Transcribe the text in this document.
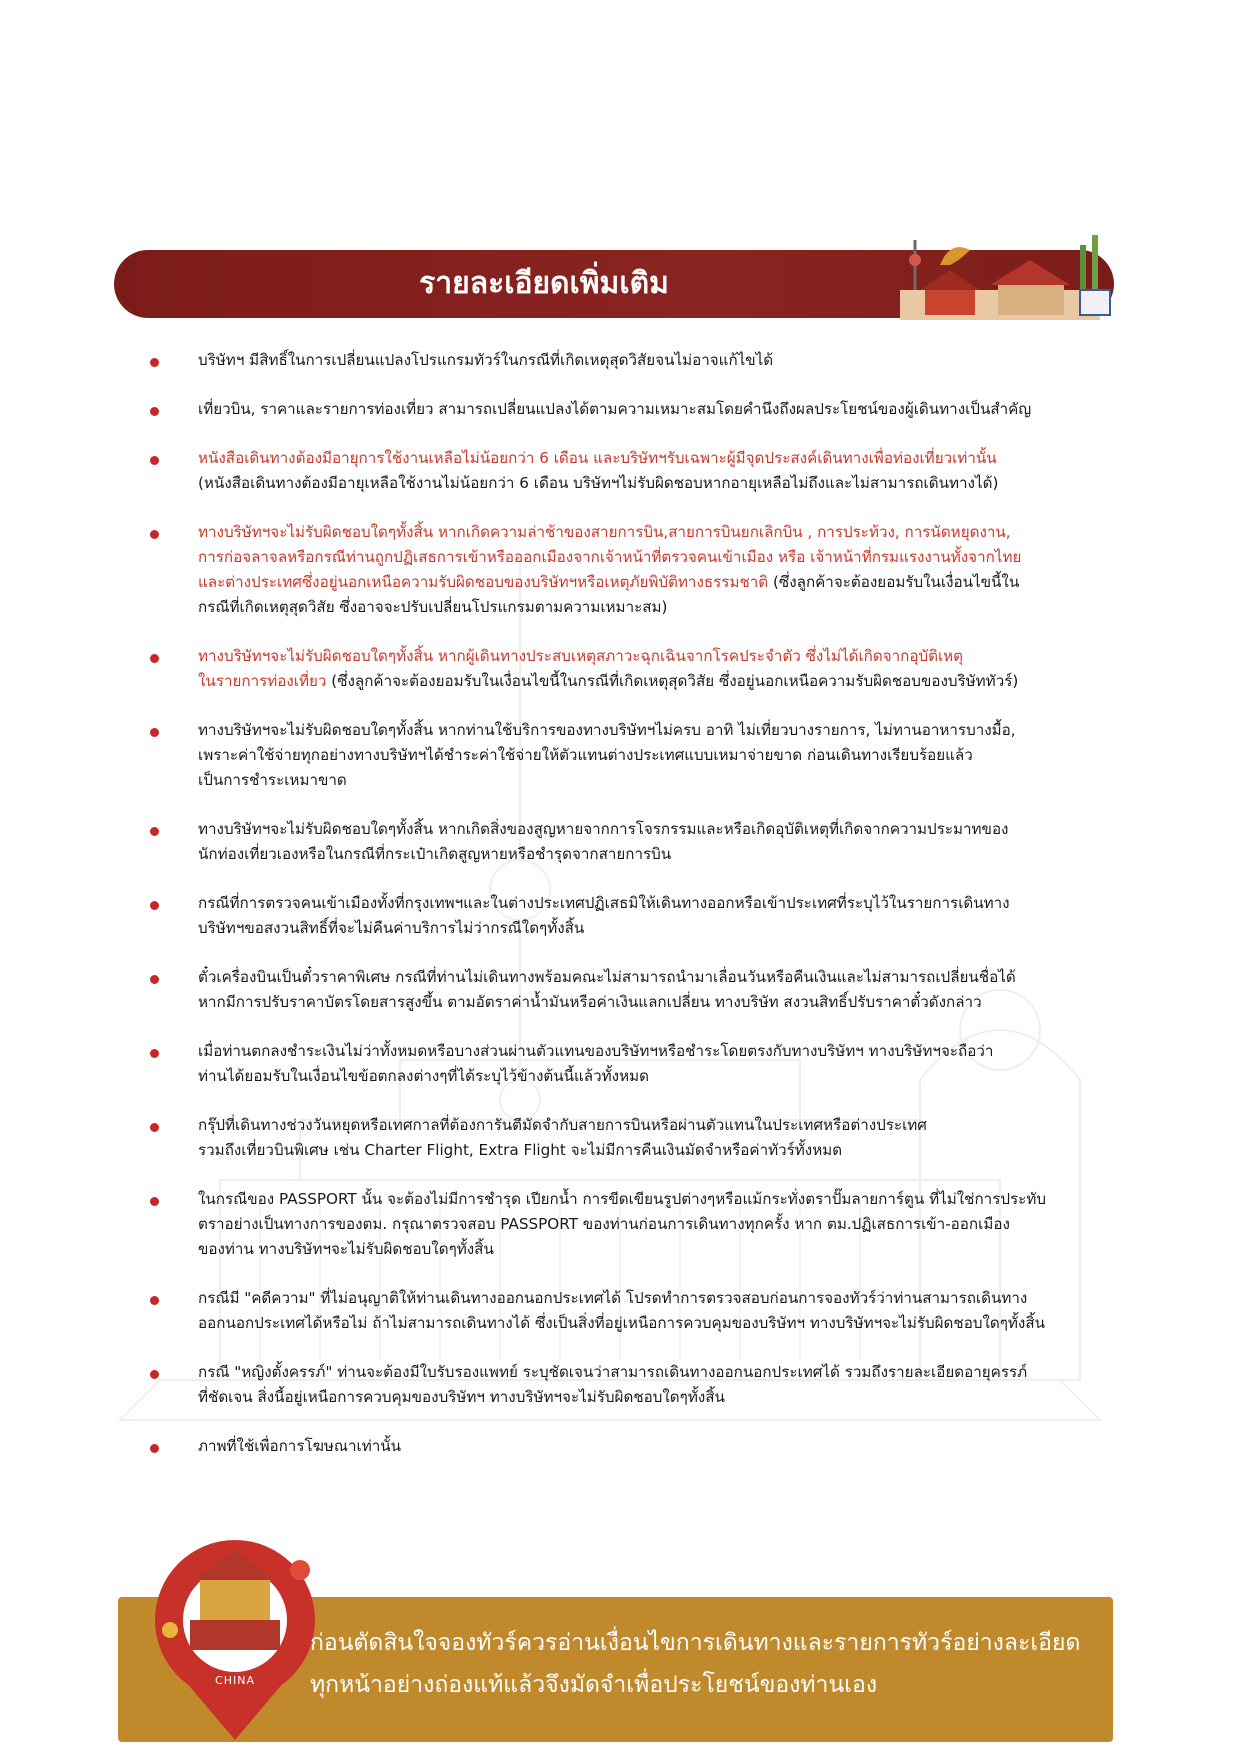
รายละเอียดเพิ่มเติม
บริษัทฯ มีสิทธิ์ในการเปลี่ยนแปลงโปรแกรมทัวร์ในกรณีที่เกิดเหตุสุดวิสัยจนไม่อาจแก้ไขได้
เที่ยวบิน, ราคาและรายการท่องเที่ยว สามารถเปลี่ยนแปลงได้ตามความเหมาะสมโดยคำนึงถึงผลประโยชน์ของผู้เดินทางเป็นสำคัญ
หนังสือเดินทางต้องมีอายุการใช้งานเหลือไม่น้อยกว่า 6 เดือน และบริษัทฯรับเฉพาะผู้มีจุดประสงค์เดินทางเพื่อท่องเที่ยวเท่านั้น
(หนังสือเดินทางต้องมีอายุเหลือใช้งานไม่น้อยกว่า 6 เดือน บริษัทฯไม่รับผิดชอบหากอายุเหลือไม่ถึงและไม่สามารถเดินทางได้)
ทางบริษัทฯจะไม่รับผิดชอบใดๆทั้งสิ้น หากเกิดความล่าช้าของสายการบิน,สายการบินยกเลิกบิน , การประท้วง, การนัดหยุดงาน,
การก่อจลาจลหรือกรณีท่านถูกปฏิเสธการเข้าหรือออกเมืองจากเจ้าหน้าที่ตรวจคนเข้าเมือง หรือ เจ้าหน้าที่กรมแรงงานทั้งจากไทย
และต่างประเทศซึ่งอยู่นอกเหนือความรับผิดชอบของบริษัทฯหรือเหตุภัยพิบัติทางธรรมชาติ (ซึ่งลูกค้าจะต้องยอมรับในเงื่อนไขนี้ใน
กรณีที่เกิดเหตุสุดวิสัย ซึ่งอาจจะปรับเปลี่ยนโปรแกรมตามความเหมาะสม)
ทางบริษัทฯจะไม่รับผิดชอบใดๆทั้งสิ้น หากผู้เดินทางประสบเหตุสภาวะฉุกเฉินจากโรคประจำตัว ซึ่งไม่ได้เกิดจากอุบัติเหตุ
ในรายการท่องเที่ยว (ซึ่งลูกค้าจะต้องยอมรับในเงื่อนไขนี้ในกรณีที่เกิดเหตุสุดวิสัย ซึ่งอยู่นอกเหนือความรับผิดชอบของบริษัททัวร์)
ทางบริษัทฯจะไม่รับผิดชอบใดๆทั้งสิ้น หากท่านใช้บริการของทางบริษัทฯไม่ครบ อาทิ ไม่เที่ยวบางรายการ, ไม่ทานอาหารบางมื้อ,
เพราะค่าใช้จ่ายทุกอย่างทางบริษัทฯได้ชำระค่าใช้จ่ายให้ตัวแทนต่างประเทศแบบเหมาจ่ายขาด ก่อนเดินทางเรียบร้อยแล้ว
เป็นการชำระเหมาขาด
ทางบริษัทฯจะไม่รับผิดชอบใดๆทั้งสิ้น หากเกิดสิ่งของสูญหายจากการโจรกรรมและหรือเกิดอุบัติเหตุที่เกิดจากความประมาทของ
นักท่องเที่ยวเองหรือในกรณีที่กระเป๋าเกิดสูญหายหรือชำรุดจากสายการบิน
กรณีที่การตรวจคนเข้าเมืองทั้งที่กรุงเทพฯและในต่างประเทศปฏิเสธมิให้เดินทางออกหรือเข้าประเทศที่ระบุไว้ในรายการเดินทาง
บริษัทฯขอสงวนสิทธิ์ที่จะไม่คืนค่าบริการไม่ว่ากรณีใดๆทั้งสิ้น
ตั๋วเครื่องบินเป็นตั๋วราคาพิเศษ กรณีที่ท่านไม่เดินทางพร้อมคณะไม่สามารถนำมาเลื่อนวันหรือคืนเงินและไม่สามารถเปลี่ยนชื่อได้
หากมีการปรับราคาบัตรโดยสารสูงขึ้น ตามอัตราค่าน้ำมันหรือค่าเงินแลกเปลี่ยน ทางบริษัท สงวนสิทธิ์ปรับราคาตั๋วดังกล่าว
เมื่อท่านตกลงชำระเงินไม่ว่าทั้งหมดหรือบางส่วนผ่านตัวแทนของบริษัทฯหรือชำระโดยตรงกับทางบริษัทฯ ทางบริษัทฯจะถือว่า
ท่านได้ยอมรับในเงื่อนไขข้อตกลงต่างๆที่ได้ระบุไว้ข้างต้นนี้แล้วทั้งหมด
กรุ๊ปที่เดินทางช่วงวันหยุดหรือเทศกาลที่ต้องการันตีมัดจำกับสายการบินหรือผ่านตัวแทนในประเทศหรือต่างประเทศ
รวมถึงเที่ยวบินพิเศษ เช่น Charter Flight, Extra Flight จะไม่มีการคืนเงินมัดจำหรือค่าทัวร์ทั้งหมด
ในกรณีของ PASSPORT นั้น จะต้องไม่มีการชำรุด เปียกน้ำ การขีดเขียนรูปต่างๆหรือแม้กระทั่งตราปั๊มลายการ์ตูน ที่ไม่ใช่การประทับ
ตราอย่างเป็นทางการของตม. กรุณาตรวจสอบ PASSPORT ของท่านก่อนการเดินทางทุกครั้ง หาก ตม.ปฏิเสธการเข้า-ออกเมือง
ของท่าน ทางบริษัทฯจะไม่รับผิดชอบใดๆทั้งสิ้น
กรณีมี "คดีความ" ที่ไม่อนุญาติให้ท่านเดินทางออกนอกประเทศได้ โปรดทำการตรวจสอบก่อนการจองทัวร์ว่าท่านสามารถเดินทาง
ออกนอกประเทศได้หรือไม่ ถ้าไม่สามารถเดินทางได้ ซึ่งเป็นสิ่งที่อยู่เหนือการควบคุมของบริษัทฯ ทางบริษัทฯจะไม่รับผิดชอบใดๆทั้งสิ้น
กรณี "หญิงตั้งครรภ์" ท่านจะต้องมีใบรับรองแพทย์ ระบุชัดเจนว่าสามารถเดินทางออกนอกประเทศได้ รวมถึงรายละเอียดอายุครรภ์
ที่ชัดเจน สิ่งนี้อยู่เหนือการควบคุมของบริษัทฯ ทางบริษัทฯจะไม่รับผิดชอบใดๆทั้งสิ้น
ภาพที่ใช้เพื่อการโฆษณาเท่านั้น
CHINA
ก่อนตัดสินใจจองทัวร์ควรอ่านเงื่อนไขการเดินทางและรายการทัวร์อย่างละเอียด
ทุกหน้าอย่างถ่องแท้แล้วจึงมัดจำเพื่อประโยชน์ของท่านเอง
